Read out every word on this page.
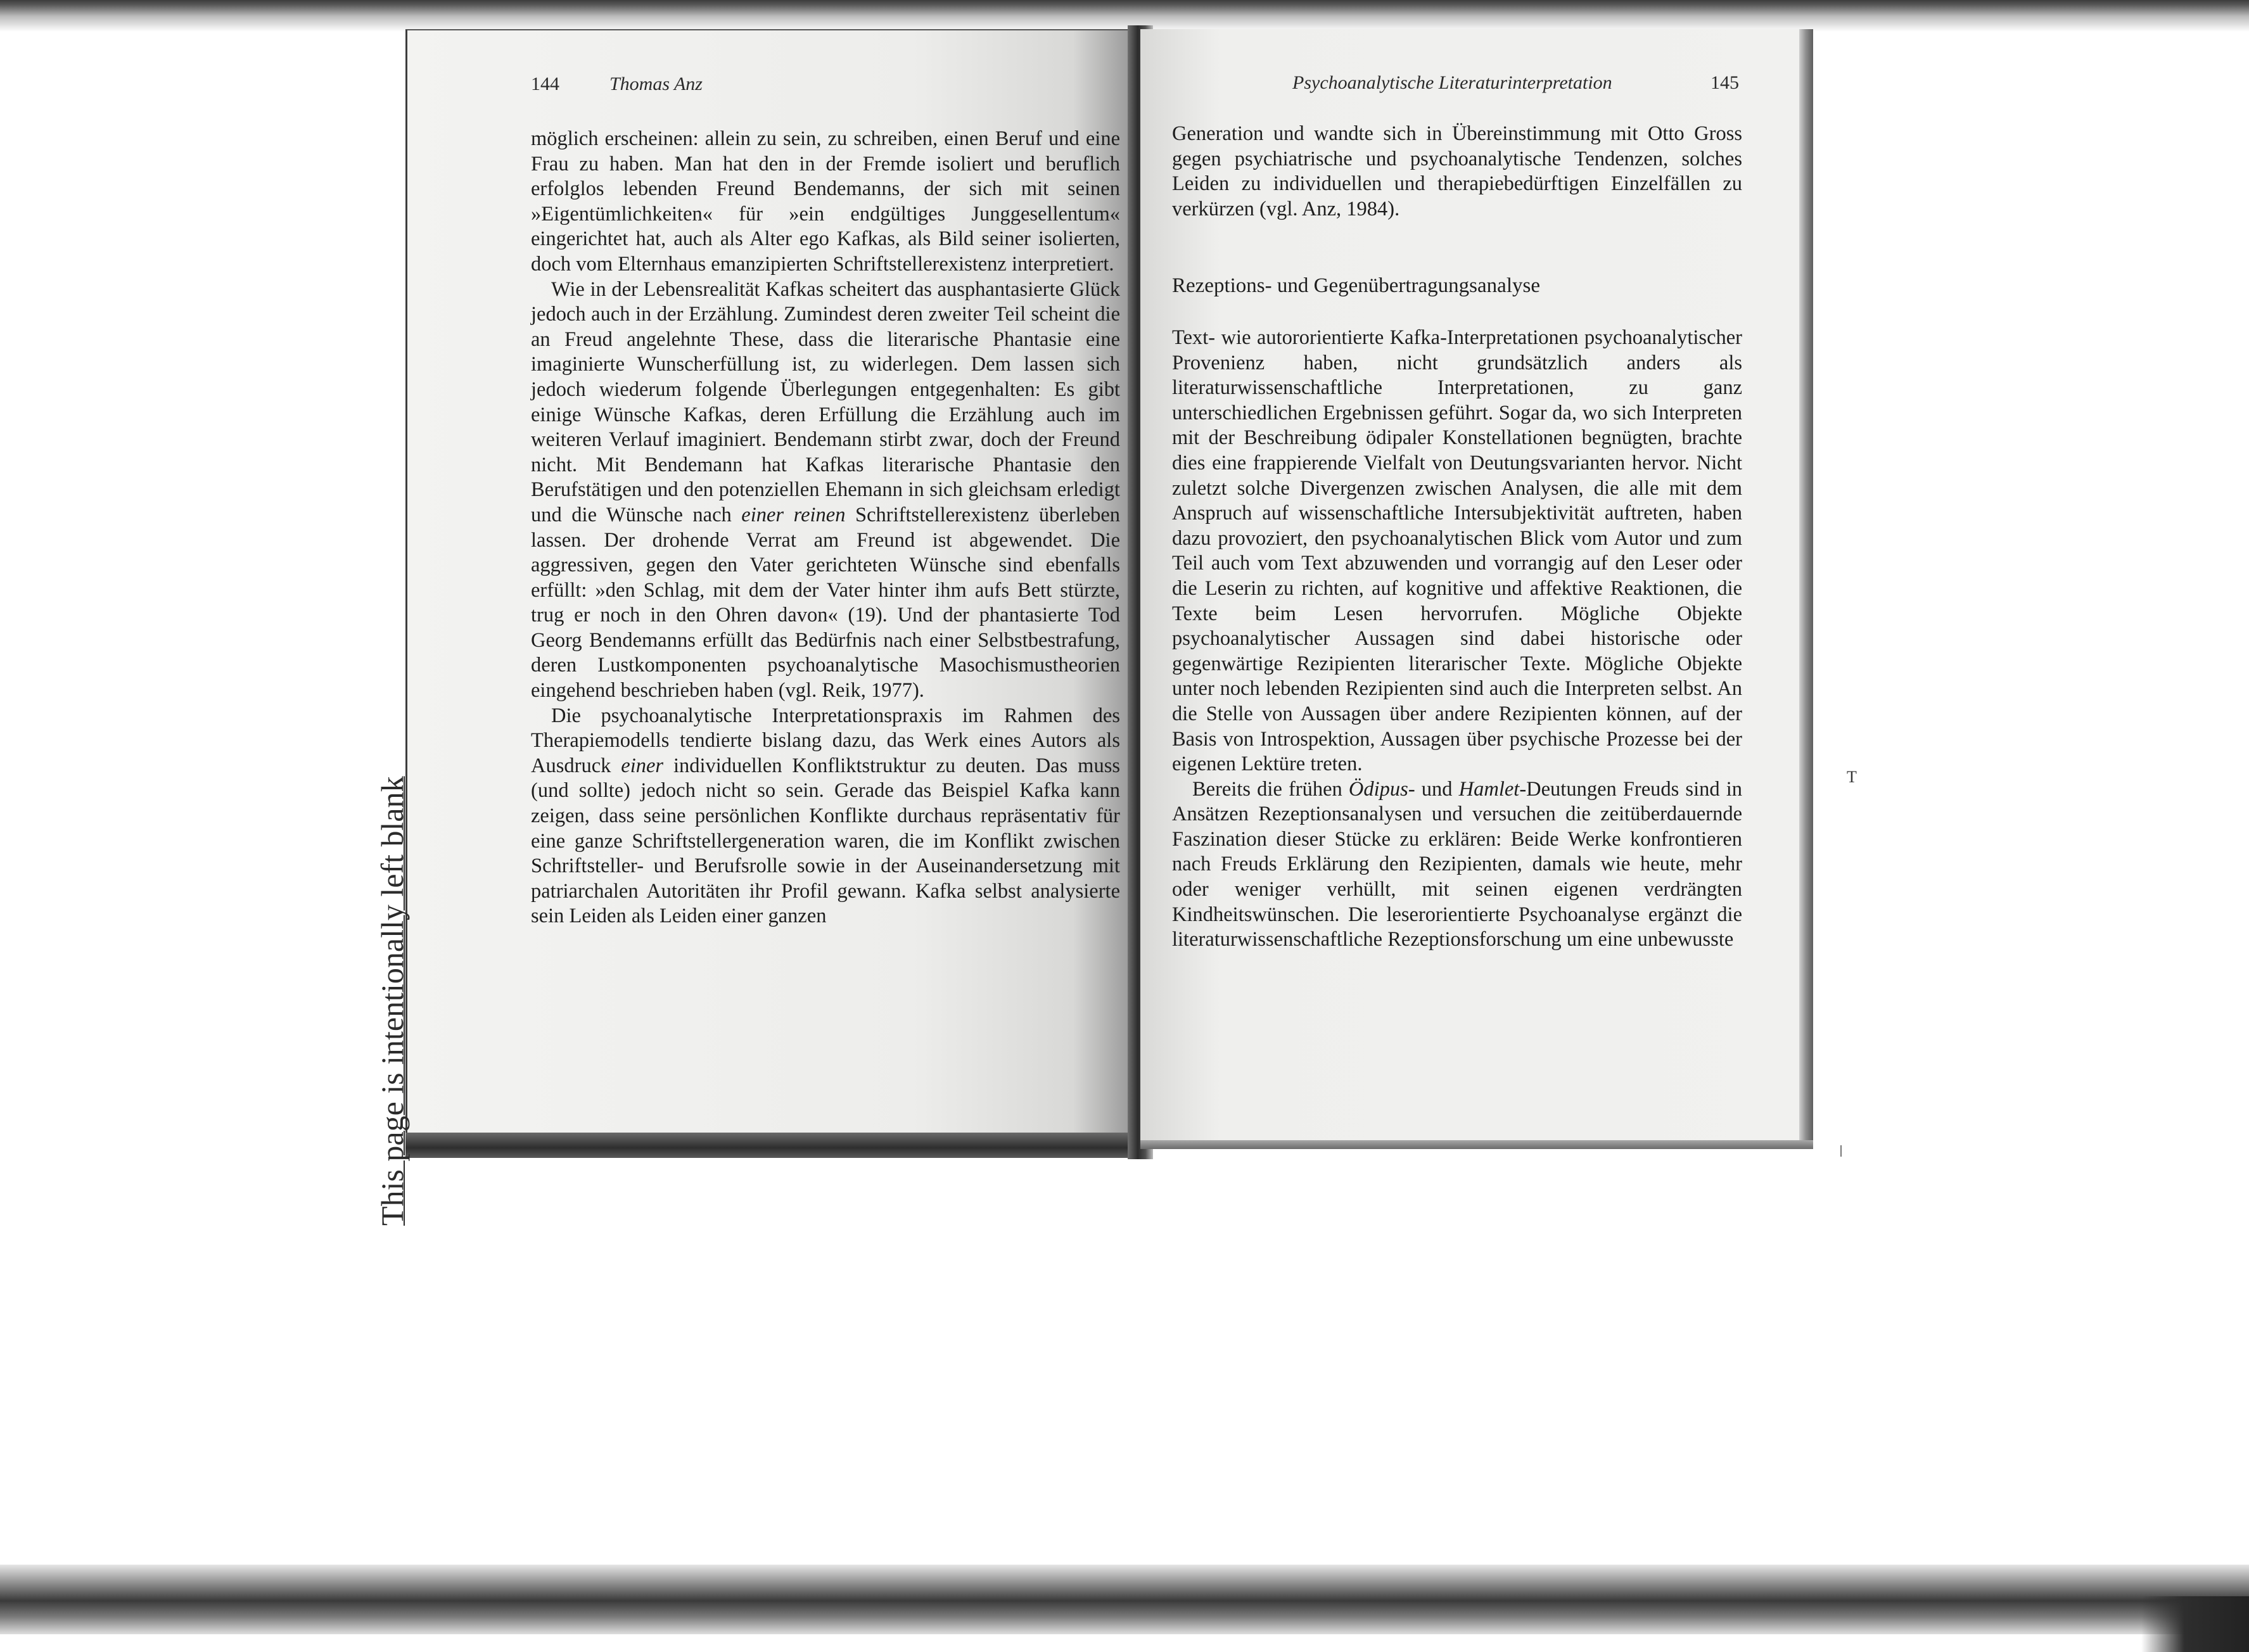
144	Thomas Anz

möglich erscheinen: allein zu sein, zu schreiben, einen Beruf und eine Frau zu haben. Man hat den in der Fremde isoliert und beruflich erfolglos lebenden Freund Bendemanns, der sich mit seinen »Eigentümlichkeiten« für »ein endgültiges Junggesellentum« eingerichtet hat, auch als Alter ego Kafkas, als Bild seiner isolierten, doch vom Elternhaus emanzipierten Schriftstellerexistenz interpretiert.

Wie in der Lebensrealität Kafkas scheitert das ausphantasierte Glück jedoch auch in der Erzählung. Zumindest deren zweiter Teil scheint die an Freud angelehnte These, dass die literarische Phantasie eine imaginierte Wunscherfüllung ist, zu widerlegen. Dem lassen sich jedoch wiederum folgende Überlegungen entgegenhalten: Es gibt einige Wünsche Kafkas, deren Erfüllung die Erzählung auch im weiteren Verlauf imaginiert. Bendemann stirbt zwar, doch der Freund nicht. Mit Bendemann hat Kafkas literarische Phantasie den Berufstätigen und den potenziellen Ehemann in sich gleichsam erledigt und die Wünsche nach einer reinen Schriftstellerexistenz überleben lassen. Der drohende Verrat am Freund ist abgewendet. Die aggressiven, gegen den Vater gerichteten Wünsche sind ebenfalls erfüllt: »den Schlag, mit dem der Vater hinter ihm aufs Bett stürzte, trug er noch in den Ohren davon« (19). Und der phantasierte Tod Georg Bendemanns erfüllt das Bedürfnis nach einer Selbstbestrafung, deren Lustkomponenten psychoanalytische Masochismustheorien eingehend beschrieben haben (vgl. Reik, 1977).

Die psychoanalytische Interpretationspraxis im Rahmen des Therapiemodells tendierte bislang dazu, das Werk eines Autors als Ausdruck einer individuellen Konfliktstruktur zu deuten. Das muss (und sollte) jedoch nicht so sein. Gerade das Beispiel Kafka kann zeigen, dass seine persönlichen Konflikte durchaus repräsentativ für eine ganze Schriftstellergeneration waren, die im Konflikt zwischen Schriftsteller- und Berufsrolle sowie in der Auseinandersetzung mit patriarchalen Autoritäten ihr Profil gewann. Kafka selbst analysierte sein Leiden als Leiden einer ganzen

Psychoanalytische Literaturinterpretation	145

Generation und wandte sich in Übereinstimmung mit Otto Gross gegen psychiatrische und psychoanalytische Tendenzen, solches Leiden zu individuellen und therapiebedürftigen Einzelfällen zu verkürzen (vgl. Anz, 1984).

Rezeptions- und Gegenübertragungsanalyse

Text- wie autororientierte Kafka-Interpretationen psychoanalytischer Provenienz haben, nicht grundsätzlich anders als literaturwissenschaftliche Interpretationen, zu ganz unterschiedlichen Ergebnissen geführt. Sogar da, wo sich Interpreten mit der Beschreibung ödipaler Konstellationen begnügten, brachte dies eine frappierende Vielfalt von Deutungsvarianten hervor. Nicht zuletzt solche Divergenzen zwischen Analysen, die alle mit dem Anspruch auf wissenschaftliche Intersubjektivität auftreten, haben dazu provoziert, den psychoanalytischen Blick vom Autor und zum Teil auch vom Text abzuwenden und vorrangig auf den Leser oder die Leserin zu richten, auf kognitive und affektive Reaktionen, die Texte beim Lesen hervorrufen. Mögliche Objekte psychoanalytischer Aussagen sind dabei historische oder gegenwärtige Rezipienten literarischer Texte. Mögliche Objekte unter noch lebenden Rezipienten sind auch die Interpreten selbst. An die Stelle von Aussagen über andere Rezipienten können, auf der Basis von Introspektion, Aussagen über psychische Prozesse bei der eigenen Lektüre treten.

Bereits die frühen Ödipus- und Hamlet-Deutungen Freuds sind in Ansätzen Rezeptionsanalysen und versuchen die zeitüberdauernde Faszination dieser Stücke zu erklären: Beide Werke konfrontieren nach Freuds Erklärung den Rezipienten, damals wie heute, mehr oder weniger verhüllt, mit seinen eigenen verdrängten Kindheitswünschen. Die leserorientierte Psychoanalyse ergänzt die literaturwissenschaftliche Rezeptionsforschung um eine unbewusste

This page is intentionally left blank	T
